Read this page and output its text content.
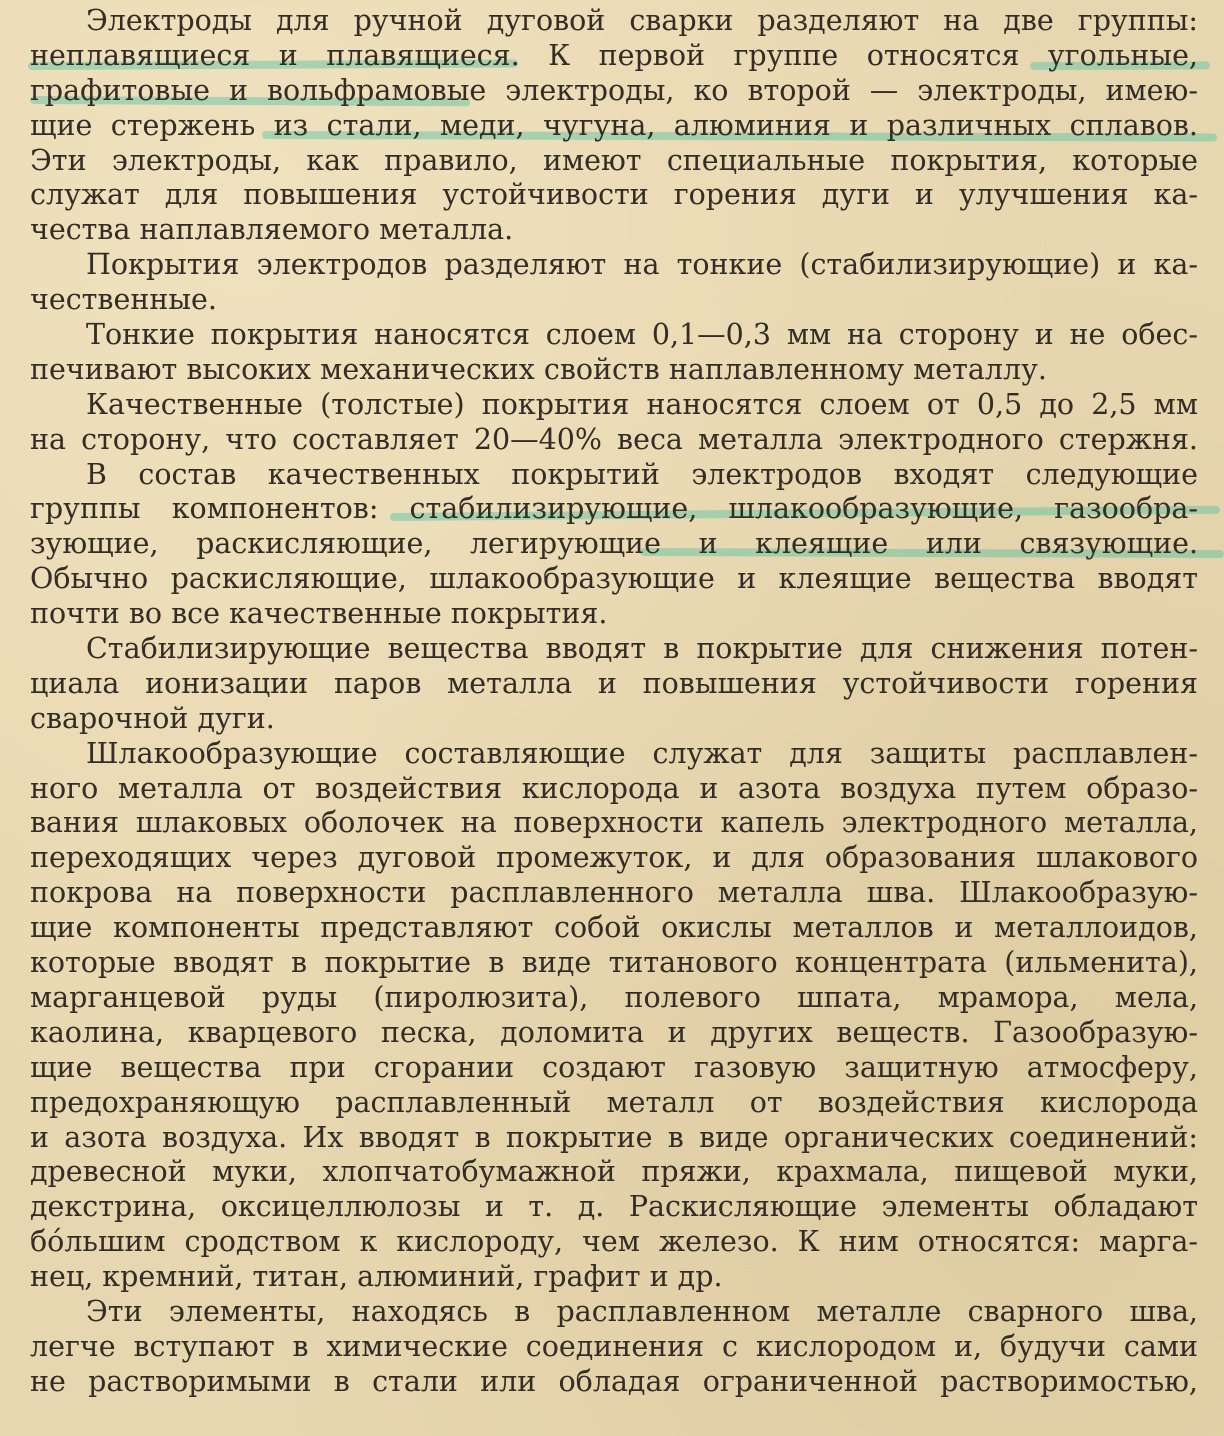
Электроды для ручной дуговой сварки разделяют на две группы:
неплавящиеся и плавящиеся. К первой группе относятся угольные,
графитовые и вольфрамовые электроды, ко второй — электроды, имею-
щие стержень из стали, меди, чугуна, алюминия и различных сплавов.
Эти электроды, как правило, имеют специальные покрытия, которые
служат для повышения устойчивости горения дуги и улучшения ка-
чества наплавляемого металла.
Покрытия электродов разделяют на тонкие (стабилизирующие) и ка-
чественные.
Тонкие покрытия наносятся слоем 0,1—0,3 мм на сторону и не обес-
печивают высоких механических свойств наплавленному металлу.
Качественные (толстые) покрытия наносятся слоем от 0,5 до 2,5 мм
на сторону, что составляет 20—40% веса металла электродного стержня.
В состав качественных покрытий электродов входят следующие
группы компонентов: стабилизирующие, шлакообразующие, газообра-
зующие, раскисляющие, легирующие и клеящие или связующие.
Обычно раскисляющие, шлакообразующие и клеящие вещества вводят
почти во все качественные покрытия.
Стабилизирующие вещества вводят в покрытие для снижения потен-
циала ионизации паров металла и повышения устойчивости горения
сварочной дуги.
Шлакообразующие составляющие служат для защиты расплавлен-
ного металла от воздействия кислорода и азота воздуха путем образо-
вания шлаковых оболочек на поверхности капель электродного металла,
переходящих через дуговой промежуток, и для образования шлакового
покрова на поверхности расплавленного металла шва. Шлакообразую-
щие компоненты представляют собой окислы металлов и металлоидов,
которые вводят в покрытие в виде титанового концентрата (ильменита),
марганцевой руды (пиролюзита), полевого шпата, мрамора, мела,
каолина, кварцевого песка, доломита и других веществ. Газообразую-
щие вещества при сгорании создают газовую защитную атмосферу,
предохраняющую расплавленный металл от воздействия кислорода
и азота воздуха. Их вводят в покрытие в виде органических соединений:
древесной муки, хлопчатобумажной пряжи, крахмала, пищевой муки,
декстрина, оксицеллюлозы и т. д. Раскисляющие элементы обладают
бо́льшим сродством к кислороду, чем железо. К ним относятся: марга-
нец, кремний, титан, алюминий, графит и др.
Эти элементы, находясь в расплавленном металле сварного шва,
легче вступают в химические соединения с кислородом и, будучи сами
не растворимыми в стали или обладая ограниченной растворимостью,
